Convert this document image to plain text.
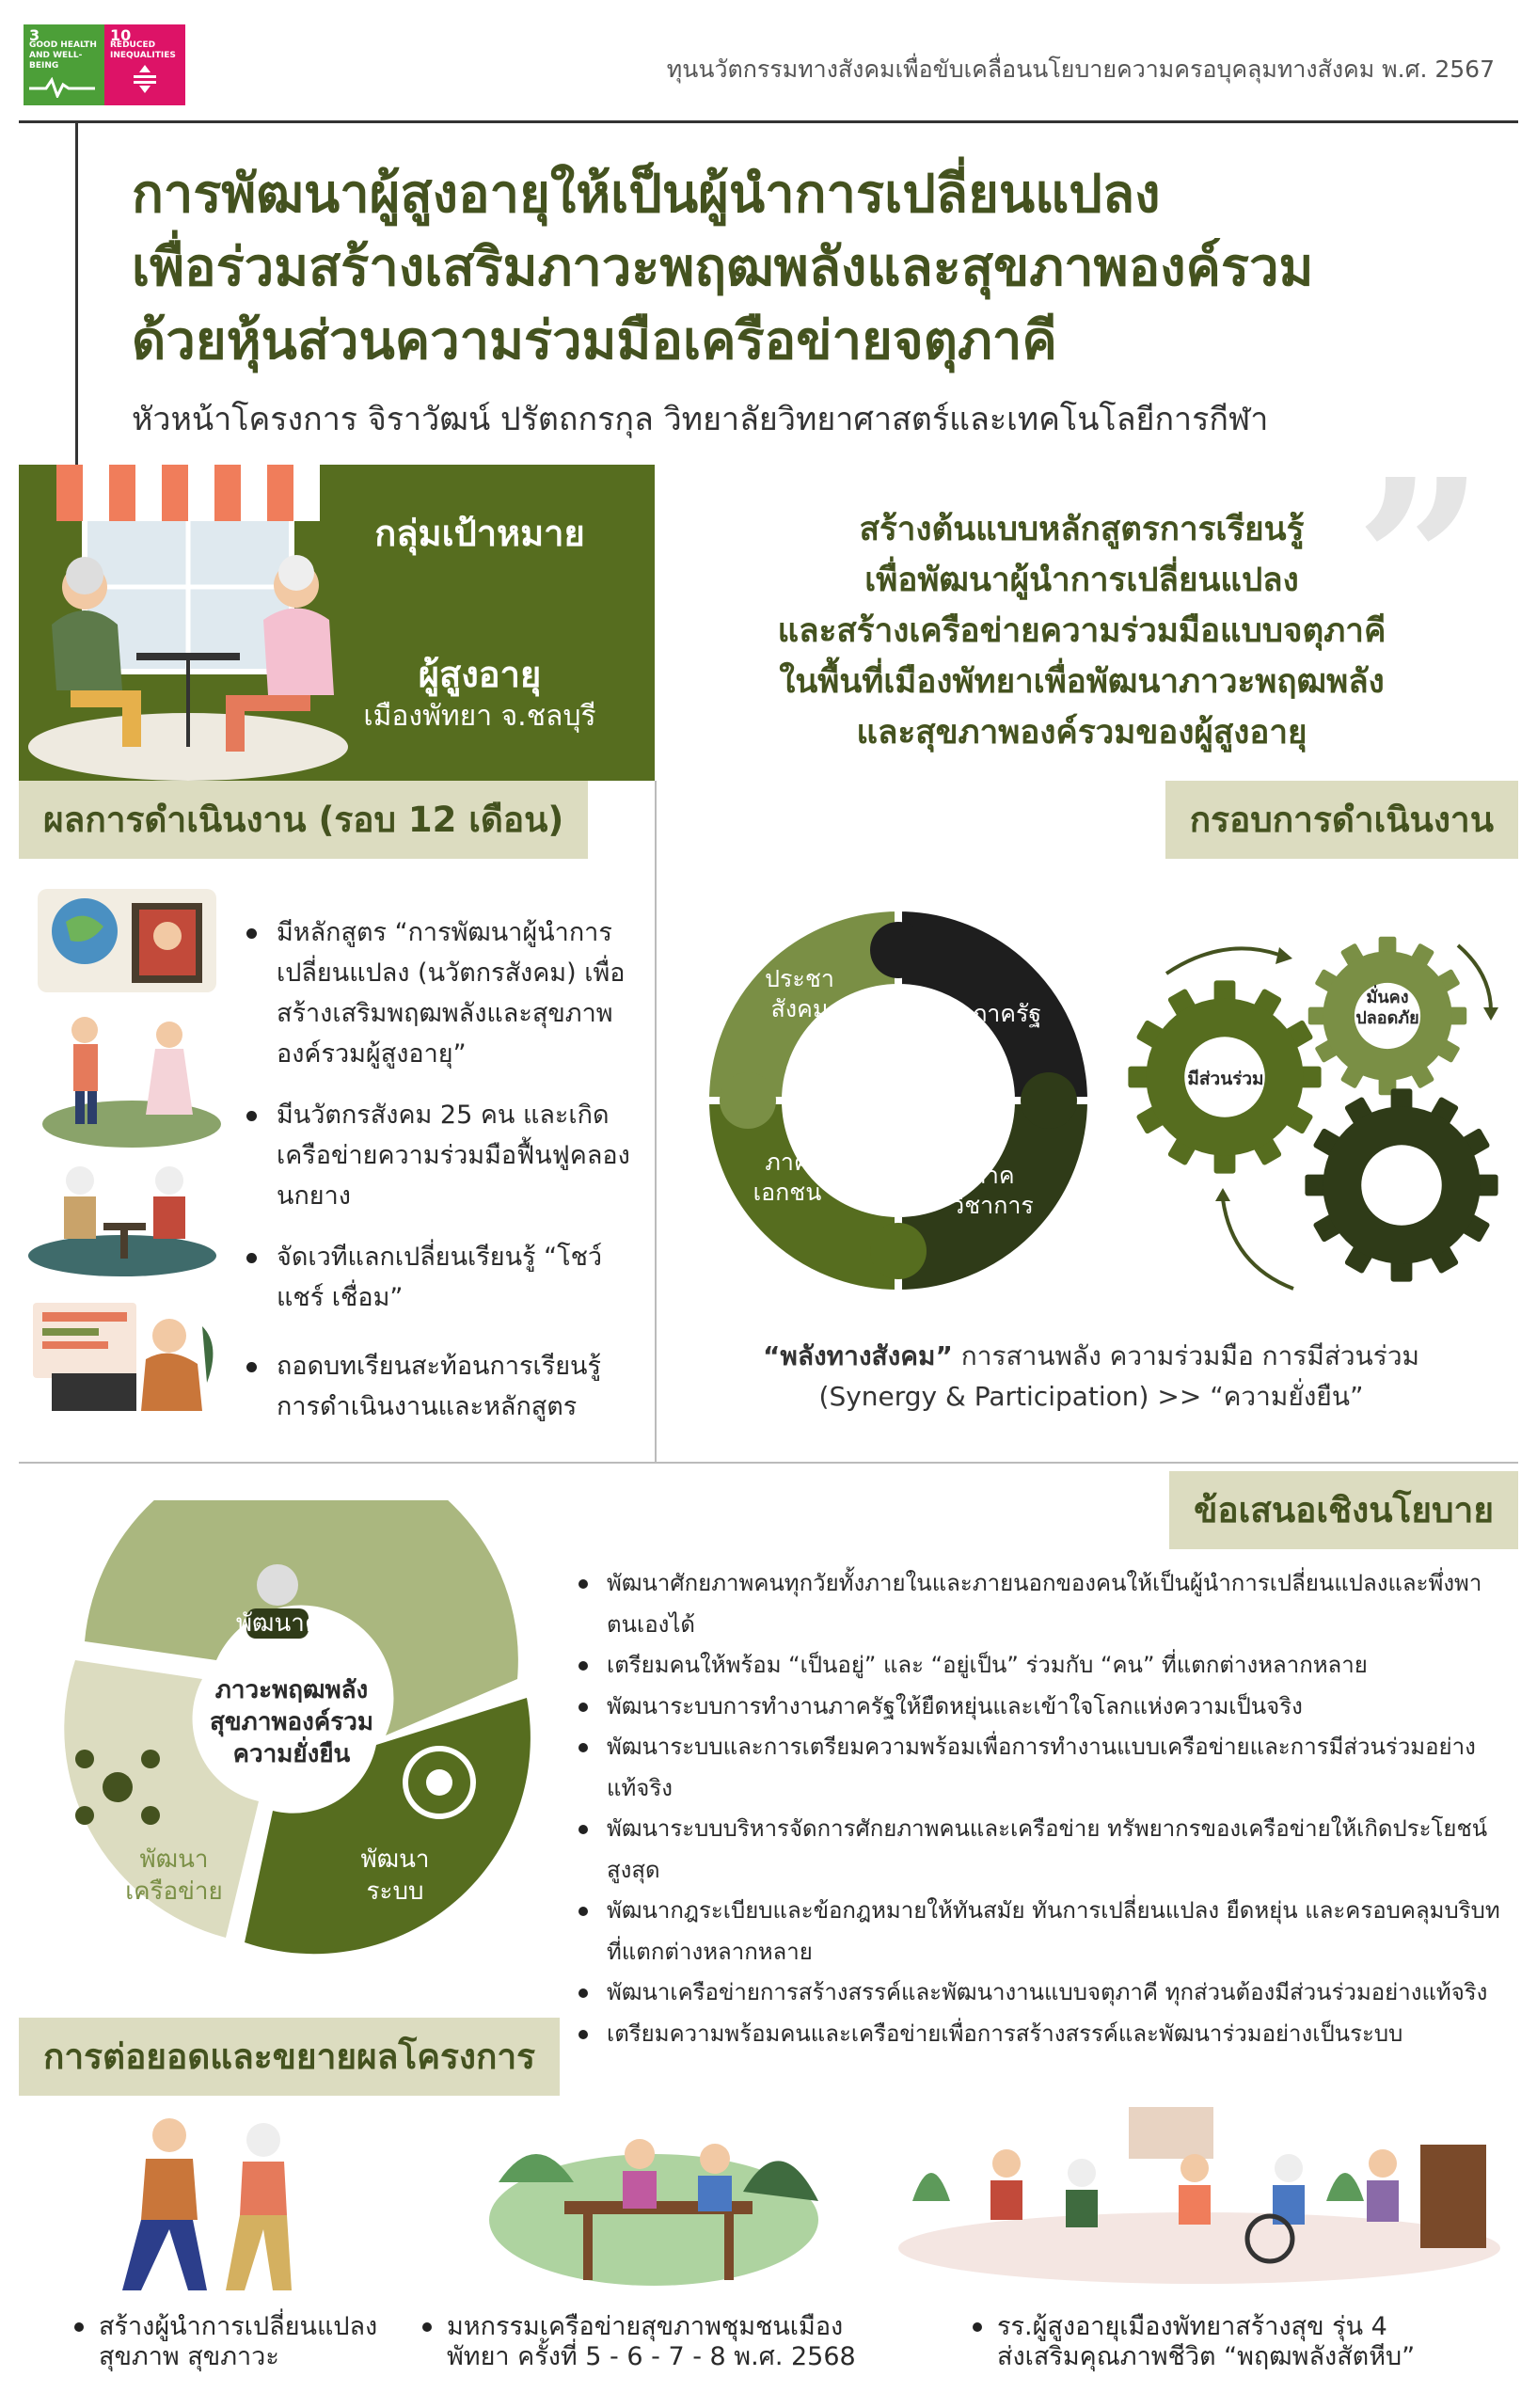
3
GOOD HEALTH AND WELL-BEING
10
REDUCED INEQUALITIES	ทุนนวัตกรรมทางสังคมเพื่อขับเคลื่อนนโยบายความครอบุคลุมทางสังคม พ.ศ. 2567
การพัฒนาผู้สูงอายุให้เป็นผู้นำการเปลี่ยนแปลง
เพื่อร่วมสร้างเสริมภาวะพฤฒพลังและสุขภาพองค์รวม
ด้วยหุ้นส่วนความร่วมมือเครือข่ายจตุภาคี
หัวหน้าโครงการ จิราวัฒน์ ปรัตถกรกุล วิทยาลัยวิทยาศาสตร์และเทคโนโลยีการกีฬา
กลุ่มเป้าหมาย
ผู้สูงอายุ
เมืองพัทยา จ.ชลบุรี
”
สร้างต้นแบบหลักสูตรการเรียนรู้
เพื่อพัฒนาผู้นำการเปลี่ยนแปลง
และสร้างเครือข่ายความร่วมมือแบบจตุภาคี
ในพื้นที่เมืองพัทยาเพื่อพัฒนาภาวะพฤฒพลัง
และสุขภาพองค์รวมของผู้สูงอายุ
ผลการดำเนินงาน (รอบ 12 เดือน)	กรอบการดำเนินงาน
มีหลักสูตร “การพัฒนาผู้นำการเปลี่ยนแปลง (นวัตกรสังคม) เพื่อสร้างเสริมพฤฒพลังและสุขภาพองค์รวมผู้สูงอายุ”
มีนวัตกรสังคม 25 คน และเกิดเครือข่ายความร่วมมือฟื้นฟูคลองนกยาง
จัดเวทีแลกเปลี่ยนเรียนรู้ “โชว์ แชร์ เชื่อม”
ถอดบทเรียนสะท้อนการเรียนรู้การดำเนินงานและหลักสูตร
ประชา
สังคม	ภาครัฐ
ภาค
เอกชน
ภาค
วิชาการ
มีส่วนร่วม
มั่นคง
ปลอดภัย
สุขภาพ
“พลังทางสังคม” การสานพลัง ความร่วมมือ การมีส่วนร่วม
(Synergy & Participation) >> “ความยั่งยืน”
ข้อเสนอเชิงนโยบาย
พัฒนาคน
พัฒนา
เครือข่าย
พัฒนา
ระบบ
ภาวะพฤฒพลัง
สุขภาพองค์รวม
ความยั่งยืน
พัฒนาศักยภาพคนทุกวัยทั้งภายในและภายนอกของคนให้เป็นผู้นำการเปลี่ยนแปลงและพึ่งพาตนเองได้
เตรียมคนให้พร้อม “เป็นอยู่” และ “อยู่เป็น” ร่วมกับ “คน” ที่แตกต่างหลากหลาย
พัฒนาระบบการทำงานภาครัฐให้ยืดหยุ่นและเข้าใจโลกแห่งความเป็นจริง
พัฒนาระบบและการเตรียมความพร้อมเพื่อการทำงานแบบเครือข่ายและการมีส่วนร่วมอย่างแท้จริง
พัฒนาระบบบริหารจัดการศักยภาพคนและเครือข่าย ทรัพยากรของเครือข่ายให้เกิดประโยชน์สูงสุด
พัฒนากฎระเบียบและข้อกฎหมายให้ทันสมัย ทันการเปลี่ยนแปลง ยืดหยุ่น และครอบคลุมบริบทที่แตกต่างหลากหลาย
พัฒนาเครือข่ายการสร้างสรรค์และพัฒนางานแบบจตุภาคี ทุกส่วนต้องมีส่วนร่วมอย่างแท้จริง
เตรียมความพร้อมคนและเครือข่ายเพื่อการสร้างสรรค์และพัฒนาร่วมอย่างเป็นระบบ
การต่อยอดและขยายผลโครงการ
สร้างผู้นำการเปลี่ยนแปลง
สุขภาพ สุขภาวะ
มหกรรมเครือข่ายสุขภาพชุมชนเมือง
พัทยา ครั้งที่ 5 - 6 - 7 - 8 พ.ศ. 2568
รร.ผู้สูงอายุเมืองพัทยาสร้างสุข รุ่น 4
ส่งเสริมคุณภาพชีวิต “พฤฒพลังสัตหีบ”
